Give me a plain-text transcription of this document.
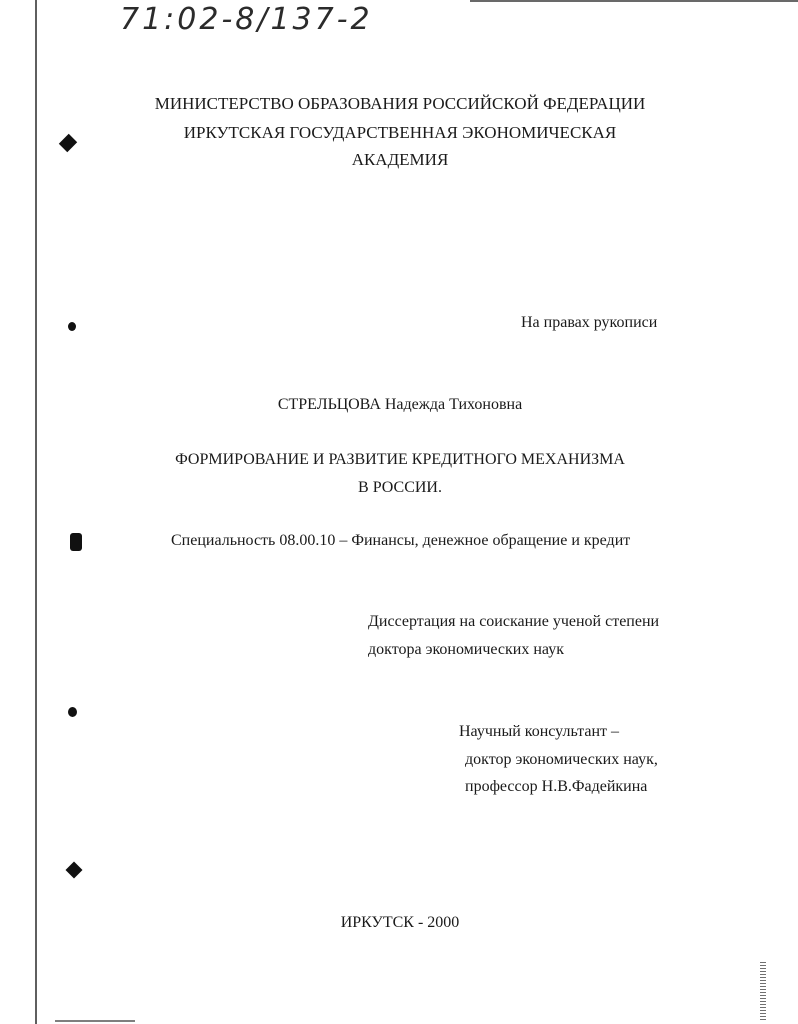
71:02-8/137-2

МИНИСТЕРСТВО ОБРАЗОВАНИЯ РОССИЙСКОЙ ФЕДЕРАЦИИ

ИРКУТСКАЯ ГОСУДАРСТВЕННАЯ ЭКОНОМИЧЕСКАЯ

АКАДЕМИЯ

На правах рукописи

СТРЕЛЬЦОВА Надежда Тихоновна

ФОРМИРОВАНИЕ И РАЗВИТИЕ КРЕДИТНОГО МЕХАНИЗМА

В РОССИИ.

Специальность 08.00.10 – Финансы, денежное обращение и кредит

Диссертация на соискание ученой степени

доктора экономических наук

Научный консультант –

доктор экономических наук,

профессор Н.В.Фадейкина

ИРКУТСК - 2000
